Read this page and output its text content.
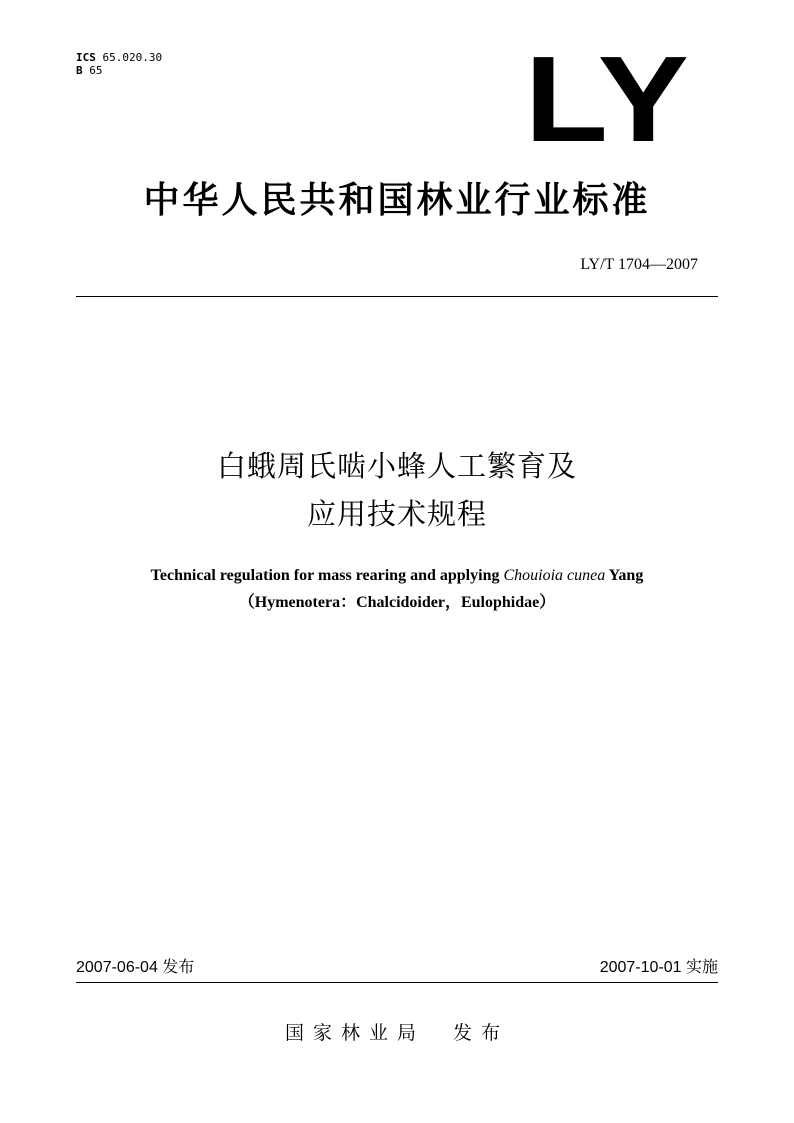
ICS 65.020.30
B 65	LY
中华人民共和国林业行业标准
LY/T 1704—2007
白蛾周氏啮小蜂人工繁育及
应用技术规程
Technical regulation for mass rearing and applying Chouioia cunea Yang
（Hymenotera：Chalcidoider，Eulophidae）
2007-06-04 发布	2007-10-01 实施
国家林业局 发布
